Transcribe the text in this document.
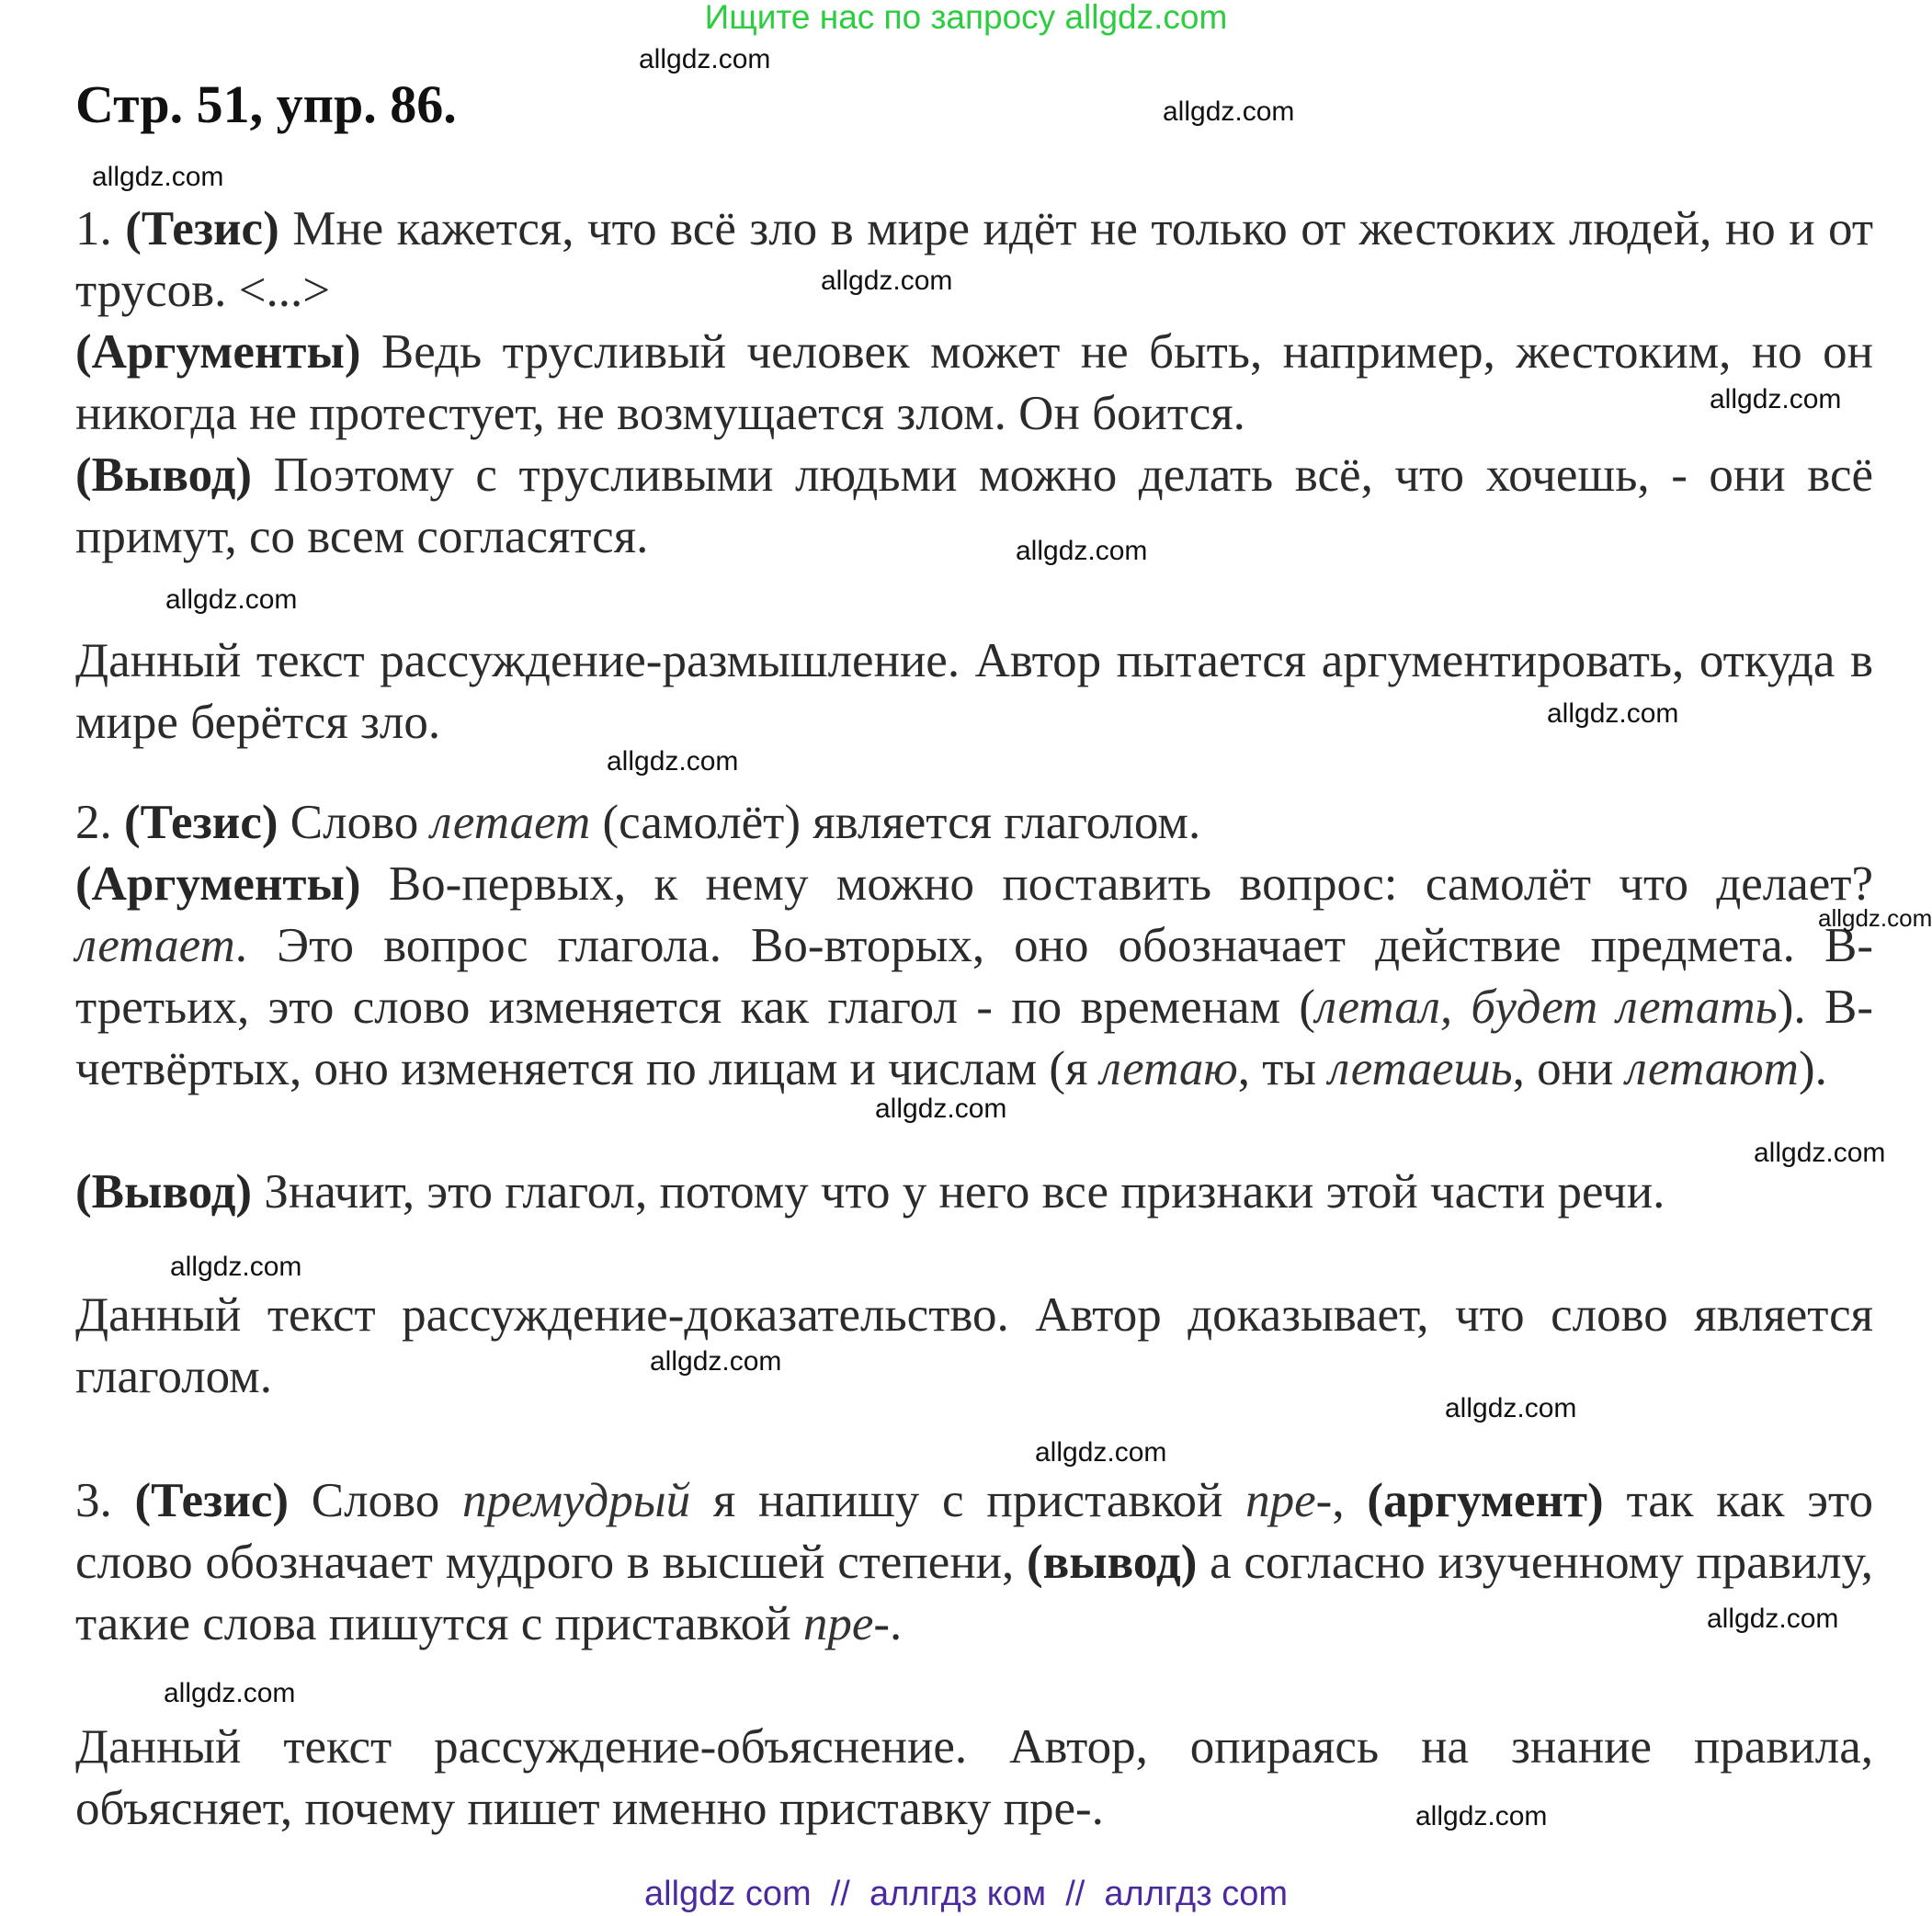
Ищите нас по запросу allgdz.com
Стр. 51, упр. 86.

1. (Тезис) Мне кажется, что всё зло в мире идёт не только от жестоких людей, но и от трусов. <...>

(Аргументы) Ведь трусливый человек может не быть, например, жестоким, но он никогда не протестует, не возмущается злом. Он боится.

(Вывод) Поэтому с трусливыми людьми можно делать всё, что хочешь, - они всё примут, со всем согласятся.

Данный текст рассуждение-размышление. Автор пытается аргументировать, откуда в мире берётся зло.

2. (Тезис) Слово летает (самолёт) является глаголом.

(Аргументы) Во-первых, к нему можно поставить вопрос: самолёт что делает? летает. Это вопрос глагола. Во-вторых, оно обозначает действие предмета. В-третьих, это слово изменяется как глагол - по временам (летал, будет летать). В-четвёртых, оно изменяется по лицам и числам (я летаю, ты летаешь, они летают).

(Вывод) Значит, это глагол, потому что у него все признаки этой части речи.

Данный текст рассуждение-доказательство. Автор доказывает, что слово является глаголом.

3. (Тезис) Слово премудрый я напишу с приставкой пре-, (аргумент) так как это слово обозначает мудрого в высшей степени, (вывод) а согласно изученному правилу, такие слова пишутся с приставкой пре-.

Данный текст рассуждение-объяснение. Автор, опираясь на знание правила, объясняет, почему пишет именно приставку пре-.

allgdz.com
allgdz.com
allgdz.com
allgdz.com
allgdz.com
allgdz.com
allgdz.com
allgdz.com
allgdz.com
allgdz.com
allgdz.com
allgdz.com
allgdz.com
allgdz.com
allgdz.com
allgdz.com
allgdz.com
allgdz.com
allgdz.com
allgdz com  //  аллгдз ком  //  аллгдз com
